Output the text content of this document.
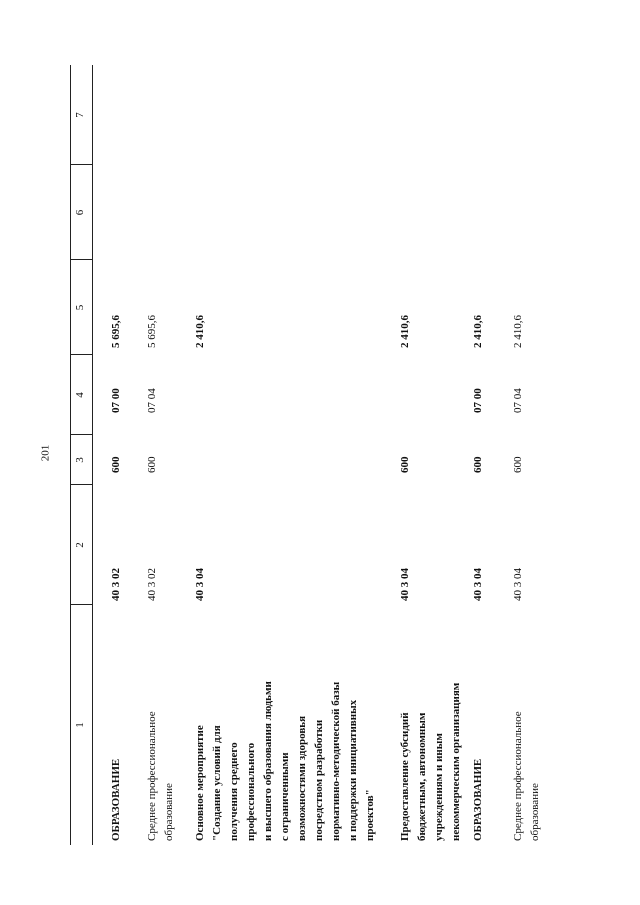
201
1
2
3
4
5
6
7
ОБРАЗОВАНИЕ
40 3 02
600
07 00
5 695,6
Среднее профессиональное образование
40 3 02
600
07 04
5 695,6
Основное мероприятие "Создание условий для получения среднего профессионального и высшего образования людьми с ограниченными возможностями здоровья посредством разработки нормативно-методической базы и поддержки инициативных проектов"
40 3 04
2 410,6
Предоставление субсидий бюджетным, автономным учреждениям и иным некоммерческим организациям
40 3 04
600
2 410,6
ОБРАЗОВАНИЕ
40 3 04
600
07 00
2 410,6
Среднее профессиональное образование
40 3 04
600
07 04
2 410,6
